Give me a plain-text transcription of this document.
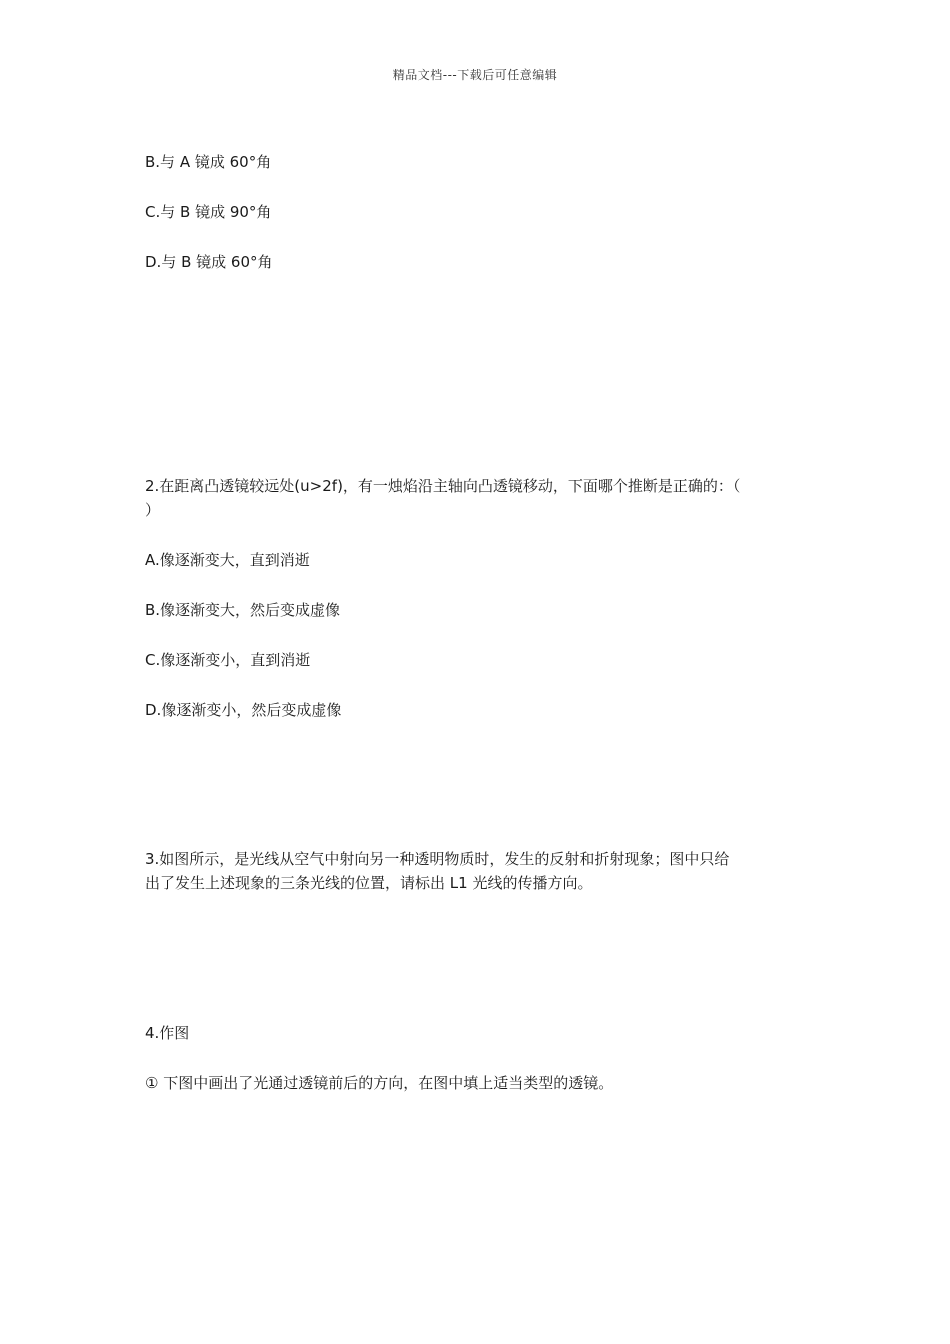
精品文档---下载后可任意编辑
B.与 A 镜成 60°角
C.与 B 镜成 90°角
D.与 B 镜成 60°角
2.在距离凸透镜较远处(u>2f)，有一烛焰沿主轴向凸透镜移动，下面哪个推断是正确的：（
）
A.像逐渐变大，直到消逝
B.像逐渐变大，然后变成虚像
C.像逐渐变小，直到消逝
D.像逐渐变小，然后变成虚像
3.如图所示，是光线从空气中射向另一种透明物质时，发生的反射和折射现象；图中只给
出了发生上述现象的三条光线的位置，请标出 L1 光线的传播方向。
4.作图
① 下图中画出了光通过透镜前后的方向，在图中填上适当类型的透镜。
